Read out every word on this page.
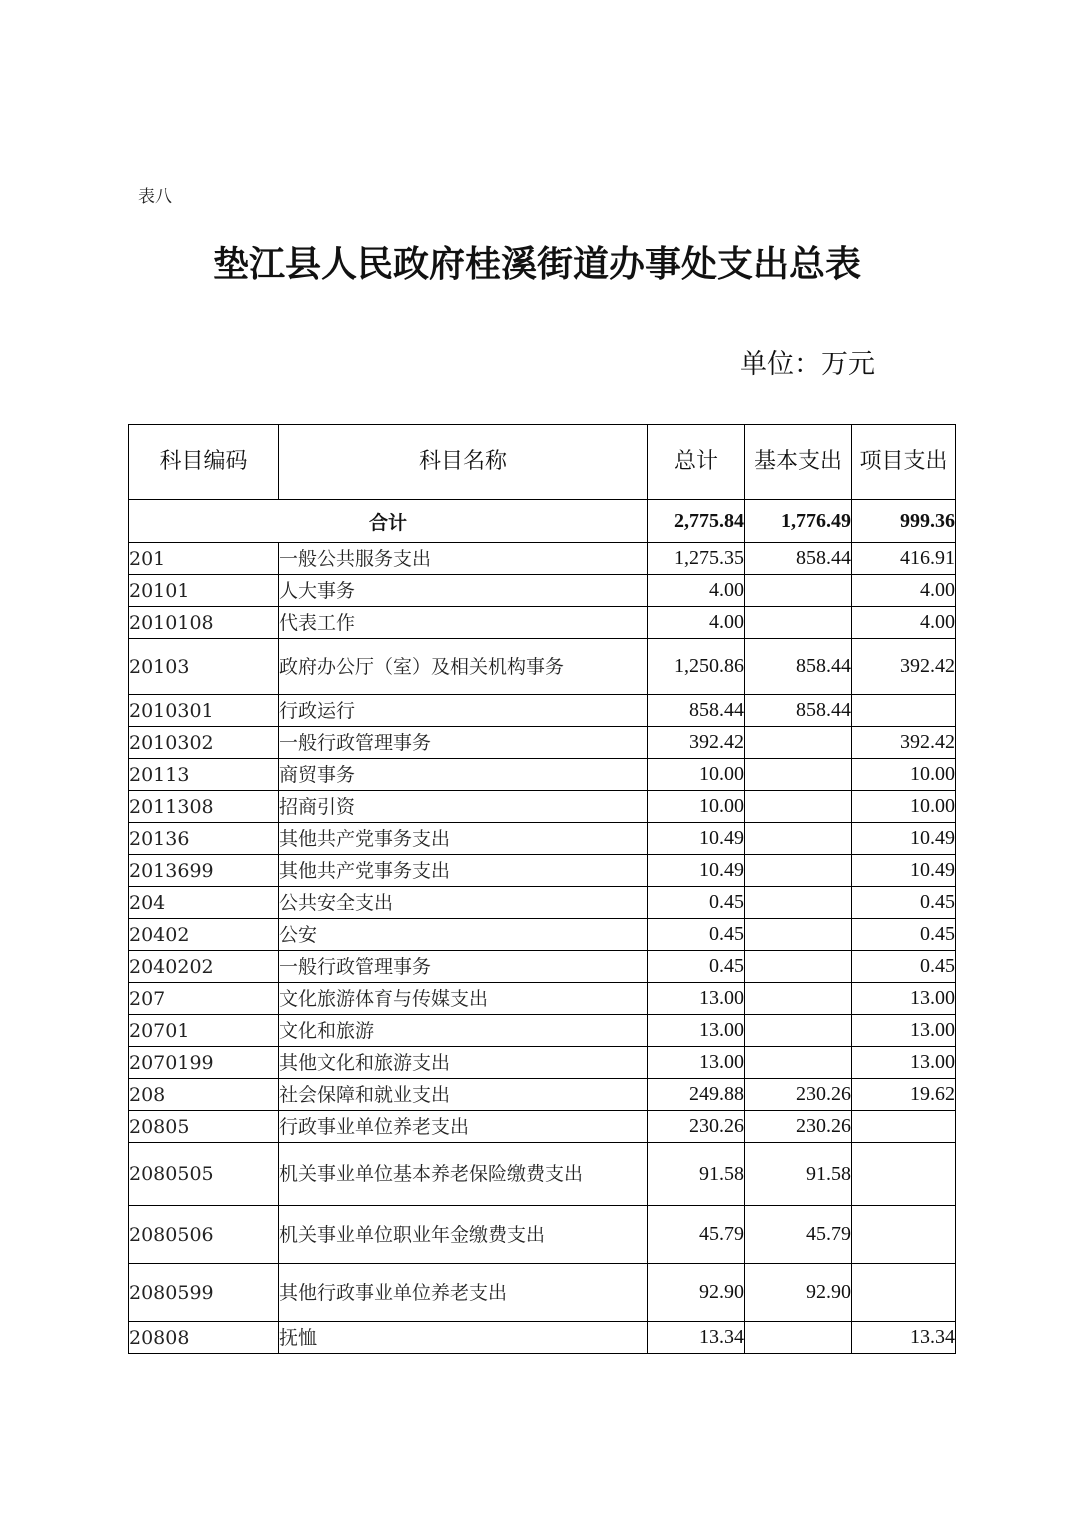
表八
垫江县人民政府桂溪街道办事处支出总表
单位：万元
科目编码	科目名称	总计	基本支出	项目支出
合计		2,775.84	1,776.49	999.36
201	一般公共服务支出	1,275.35	858.44	416.91
20101	人大事务	4.00		4.00
2010108	代表工作	4.00		4.00
20103	政府办公厅（室）及相关机构事务	1,250.86	858.44	392.42
2010301	行政运行	858.44	858.44	
2010302	一般行政管理事务	392.42		392.42
20113	商贸事务	10.00		10.00
2011308	招商引资	10.00		10.00
20136	其他共产党事务支出	10.49		10.49
2013699	其他共产党事务支出	10.49		10.49
204	公共安全支出	0.45		0.45
20402	公安	0.45		0.45
2040202	一般行政管理事务	0.45		0.45
207	文化旅游体育与传媒支出	13.00		13.00
20701	文化和旅游	13.00		13.00
2070199	其他文化和旅游支出	13.00		13.00
208	社会保障和就业支出	249.88	230.26	19.62
20805	行政事业单位养老支出	230.26	230.26	
2080505	机关事业单位基本养老保险缴费支出	91.58	91.58	
2080506	机关事业单位职业年金缴费支出	45.79	45.79	
2080599	其他行政事业单位养老支出	92.90	92.90	
20808	抚恤	13.34		13.34
